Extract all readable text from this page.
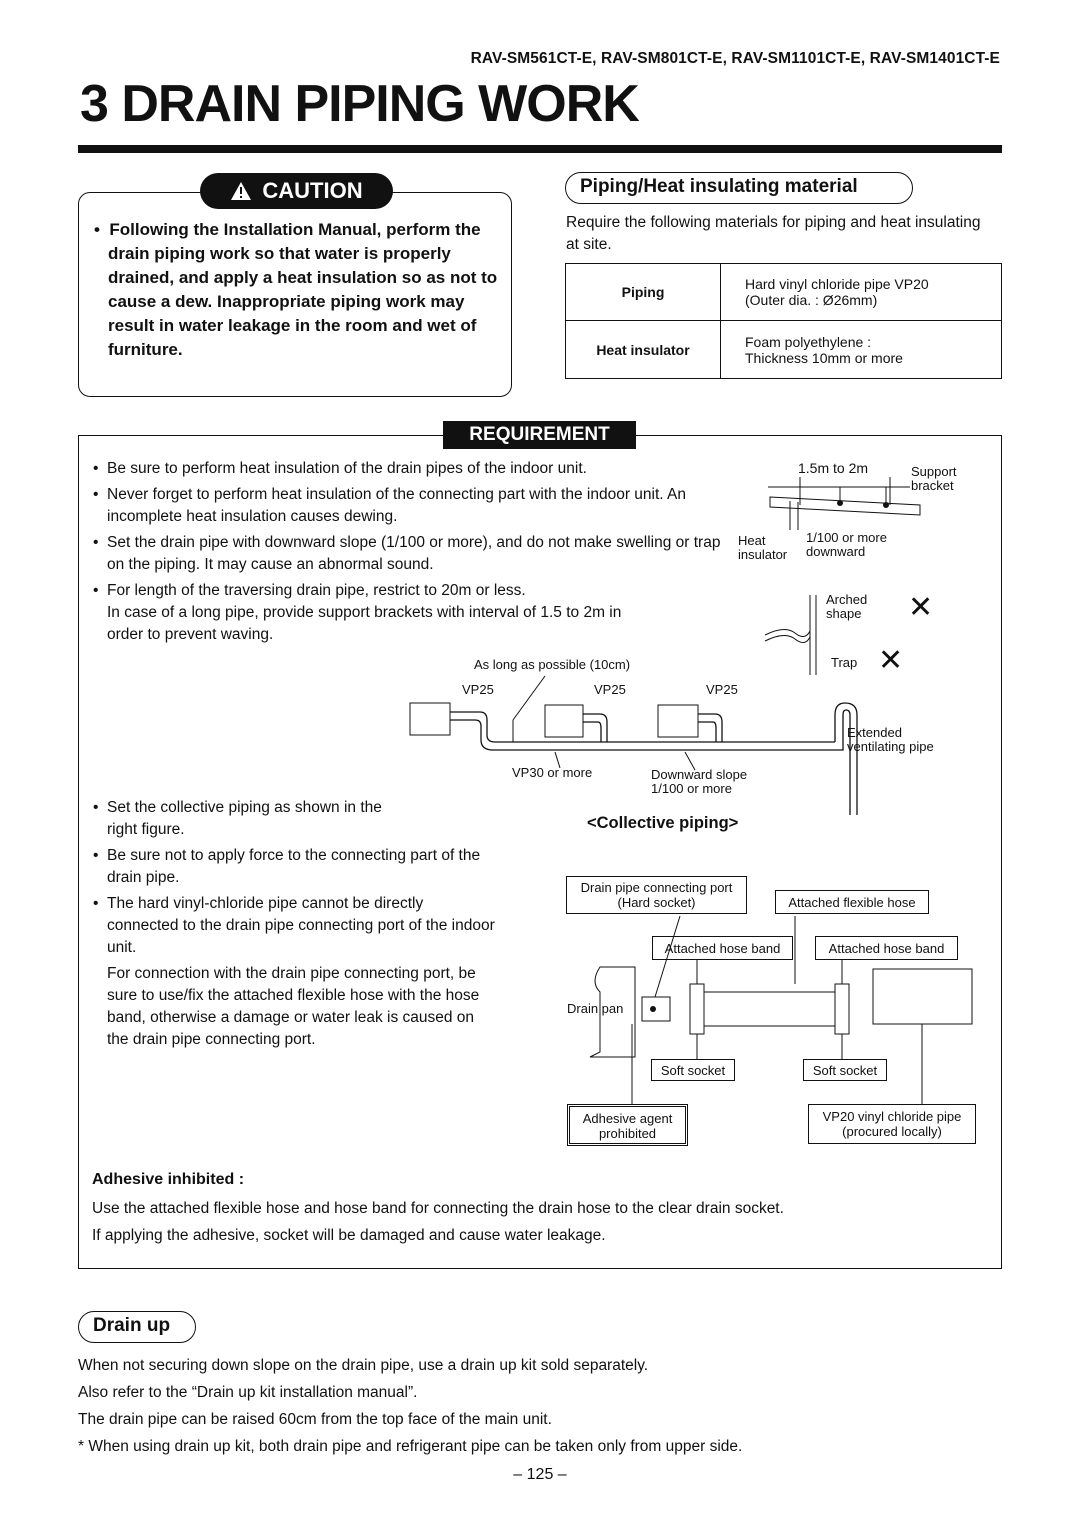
RAV-SM561CT-E, RAV-SM801CT-E, RAV-SM1101CT-E, RAV-SM1401CT-E
3 DRAIN PIPING WORK
CAUTION
•  Following the Installation Manual, perform the drain piping work so that water is properly drained, and apply a heat insulation so as not to cause a dew. Inappropriate piping work may result in water leakage in the room and wet of furniture.
Piping/Heat insulating material
Require the following materials for piping and heat insulating at site.
Piping	Hard vinyl chloride pipe VP20
(Outer dia. : Ø26mm)

Heat insulator	Foam polyethylene :
Thickness 10mm or more
REQUIREMENT
• Be sure to perform heat insulation of the drain pipes of the indoor unit.
• Never forget to perform heat insulation of the connecting part with the indoor unit. An incomplete heat insulation causes dewing.
• Set the drain pipe with downward slope (1/100 or more), and do not make swelling or trap on the piping. It may cause an abnormal sound.
• For length of the traversing drain pipe, restrict to 20m or less.
In case of a long pipe, provide support brackets with interval of 1.5 to 2m in order to prevent waving.
1.5m to 2m	Support bracket
Heat insulator
1/100 or more downward
Arched shape
Trap
✕
✕
As long as possible (10cm)
VP25	VP25	VP25
Extended ventilating pipe
VP30 or more	Downward slope 1/100 or more
<Collective piping>
• Set the collective piping as shown in the right figure.
• Be sure not to apply force to the connecting part of the drain pipe.
• The hard vinyl-chloride pipe cannot be directly connected to the drain pipe connecting port of the indoor unit.
For connection with the drain pipe connecting port, be sure to use/fix the attached flexible hose with the hose band, otherwise a damage or water leak is caused on the drain pipe connecting port.
Drain pipe connecting port
(Hard socket)	Attached flexible hose
Attached hose band	Attached hose band
Drain pan
Soft socket	Soft socket
Adhesive agent
prohibited
VP20 vinyl chloride pipe
(procured locally)
Adhesive inhibited :
Use the attached flexible hose and hose band for connecting the drain hose to the clear drain socket.
If applying the adhesive, socket will be damaged and cause water leakage.
Drain up
When not securing down slope on the drain pipe, use a drain up kit sold separately.
Also refer to the “Drain up kit installation manual”.
The drain pipe can be raised 60cm from the top face of the main unit.
* When using drain up kit, both drain pipe and refrigerant pipe can be taken only from upper side.
– 125 –
